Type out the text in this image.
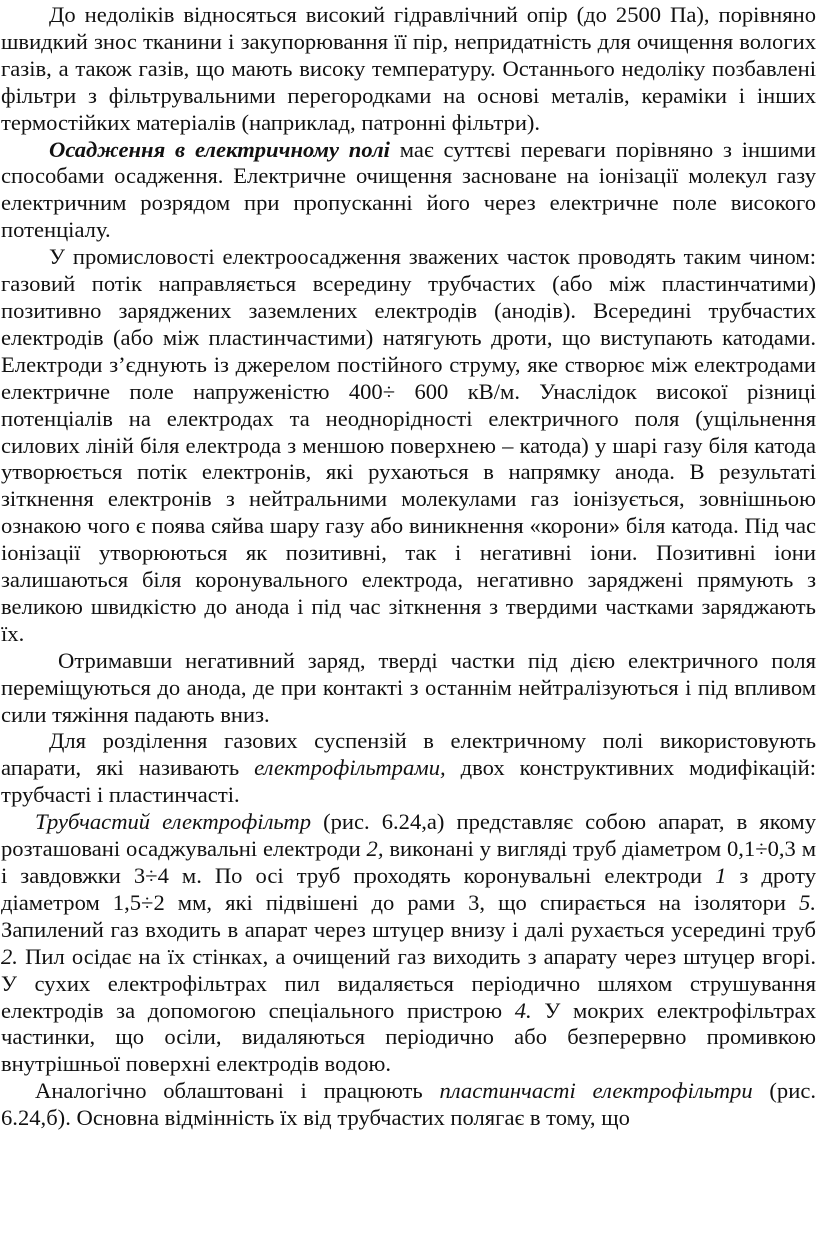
До недоліків відносяться високий гідравлічний опір (до 2500 Па), порівняно швидкий знос тканини і закупорювання її пір, непридатність для очищення вологих газів, а також газів, що мають високу температуру. Останнього недоліку позбавлені фільтри з фільтрувальними перегородками на основі металів, кераміки і інших термостійких матеріалів (наприклад, патронні фільтри).

Осадження в електричному полі має суттєві переваги порівняно з іншими способами осадження. Електричне очищення засноване на іонізації молекул газу електричним розрядом при пропусканні його через електричне поле високого потенціалу.

У промисловості електроосадження зважених часток проводять таким чином: газовий потік направляється всередину трубчастих (або між пластинчатими) позитивно заряджених заземлених електродів (анодів). Всередині трубчастих електродів (або між пластинчастими) натягують дроти, що виступають катодами. Електроди з’єднують із джерелом постійного струму, яке створює між електродами електричне поле напруженістю 400÷ 600 кВ/м. Унаслідок високої різниці потенціалів на електродах та неоднорідності електричного поля (ущільнення силових ліній біля електрода з меншою поверхнею – катода) у шарі газу біля катода утворюється потік електронів, які рухаються в напрямку анода. В результаті зіткнення електронів з нейтральними молекулами газ іонізується, зовнішньою ознакою чого є поява сяйва шару газу або виникнення «корони» біля катода. Під час іонізації утворюються як позитивні, так і негативні іони. Позитивні іони залишаються біля коронувального електрода, негативно заряджені прямують з великою швидкістю до анода і під час зіткнення з твердими частками заряджають їх.

Отримавши негативний заряд, тверді частки під дією електричного поля переміщуються до анода, де при контакті з останнім нейтралізуються і під впливом сили тяжіння падають вниз.

Для розділення газових суспензій в електричному полі використовують апарати, які називають електрофільтрами, двох конструктивних модифікацій: трубчасті і пластинчасті.

Трубчастий електрофільтр (рис. 6.24,а) представляє собою апарат, в якому розташовані осаджувальні електроди 2, виконані у вигляді труб діаметром 0,1÷0,3 м і завдовжки 3÷4 м. По осі труб проходять коронувальні електроди 1 з дроту діаметром 1,5÷2 мм, які підвішені до рами 3, що спирається на ізолятори 5. Запилений газ входить в апарат через штуцер внизу і далі рухається усередині труб 2. Пил осідає на їх стінках, а очищений газ виходить з апарату через штуцер вгорі. У сухих електрофільтрах пил видаляється періодично шляхом струшування електродів за допомогою спеціального пристрою 4. У мокрих електрофільтрах частинки, що осіли, видаляються періодично або безперервно промивкою внутрішньої поверхні електродів водою.

Аналогічно облаштовані і працюють пластинчасті електрофільтри (рис. 6.24,б). Основна відмінність їх від трубчастих полягає в тому, що
